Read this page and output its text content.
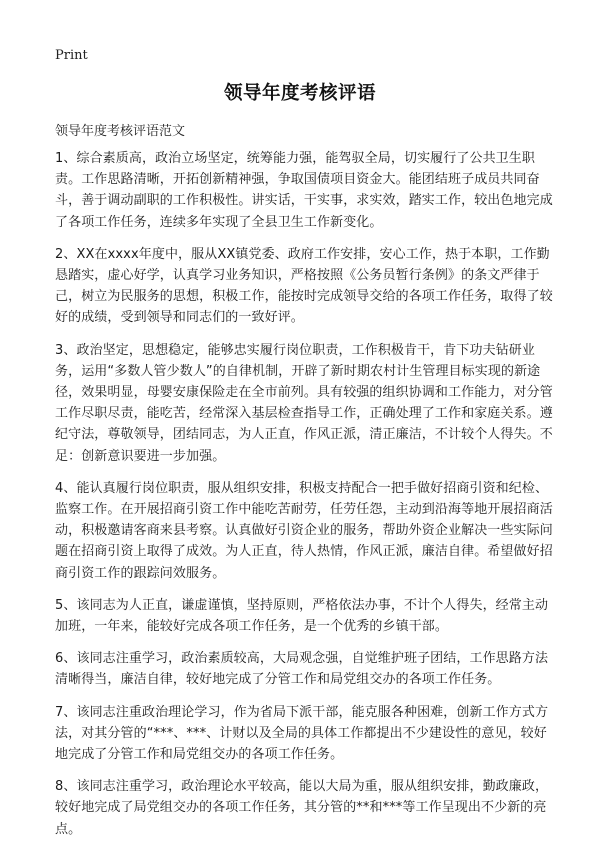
Print
领导年度考核评语
领导年度考核评语范文

1、综合素质高，政治立场坚定，统筹能力强，能驾驭全局，切实履行了公共卫生职责。工作思路清晰，开拓创新精神强，争取国债项目资金大。能团结班子成员共同奋斗，善于调动副职的工作积极性。讲实话，干实事，求实效，踏实工作，较出色地完成了各项工作任务，连续多年实现了全县卫生工作新变化。

2、XX在xxxx年度中，服从XX镇党委、政府工作安排，安心工作，热于本职，工作勤恳踏实，虚心好学，认真学习业务知识，严格按照《公务员暂行条例》的条文严律于己，树立为民服务的思想，积极工作，能按时完成领导交给的各项工作任务，取得了较好的成绩，受到领导和同志们的一致好评。

3、政治坚定，思想稳定，能够忠实履行岗位职责，工作积极肯干，肯下功夫钻研业务，运用“多数人管少数人”的自律机制，开辟了新时期农村计生管理目标实现的新途径，效果明显，母婴安康保险走在全市前列。具有较强的组织协调和工作能力，对分管工作尽职尽责，能吃苦，经常深入基层检查指导工作，正确处理了工作和家庭关系。遵纪守法，尊敬领导，团结同志，为人正直，作风正派，清正廉洁，不计较个人得失。不足：创新意识要进一步加强。

4、能认真履行岗位职责，服从组织安排，积极支持配合一把手做好招商引资和纪检、监察工作。在开展招商引资工作中能吃苦耐劳，任劳任怨，主动到沿海等地开展招商活动，积极邀请客商来县考察。认真做好引资企业的服务，帮助外资企业解决一些实际问题在招商引资上取得了成效。为人正直，待人热情，作风正派，廉洁自律。希望做好招商引资工作的跟踪问效服务。

5、该同志为人正直，谦虚谨慎，坚持原则，严格依法办事，不计个人得失，经常主动加班，一年来，能较好完成各项工作任务，是一个优秀的乡镇干部。

6、该同志注重学习，政治素质较高，大局观念强，自觉维护班子团结，工作思路方法清晰得当，廉洁自律，较好地完成了分管工作和局党组交办的各项工作任务。

7、该同志注重政治理论学习，作为省局下派干部，能克服各种困难，创新工作方式方法，对其分管的“***、***、计财以及全局的具体工作都提出不少建设性的意见，较好地完成了分管工作和局党组交办的各项工作任务。

8、该同志注重学习，政治理论水平较高，能以大局为重，服从组织安排，勤政廉政，较好地完成了局党组交办的各项工作任务，其分管的**和***等工作呈现出不少新的亮点。
